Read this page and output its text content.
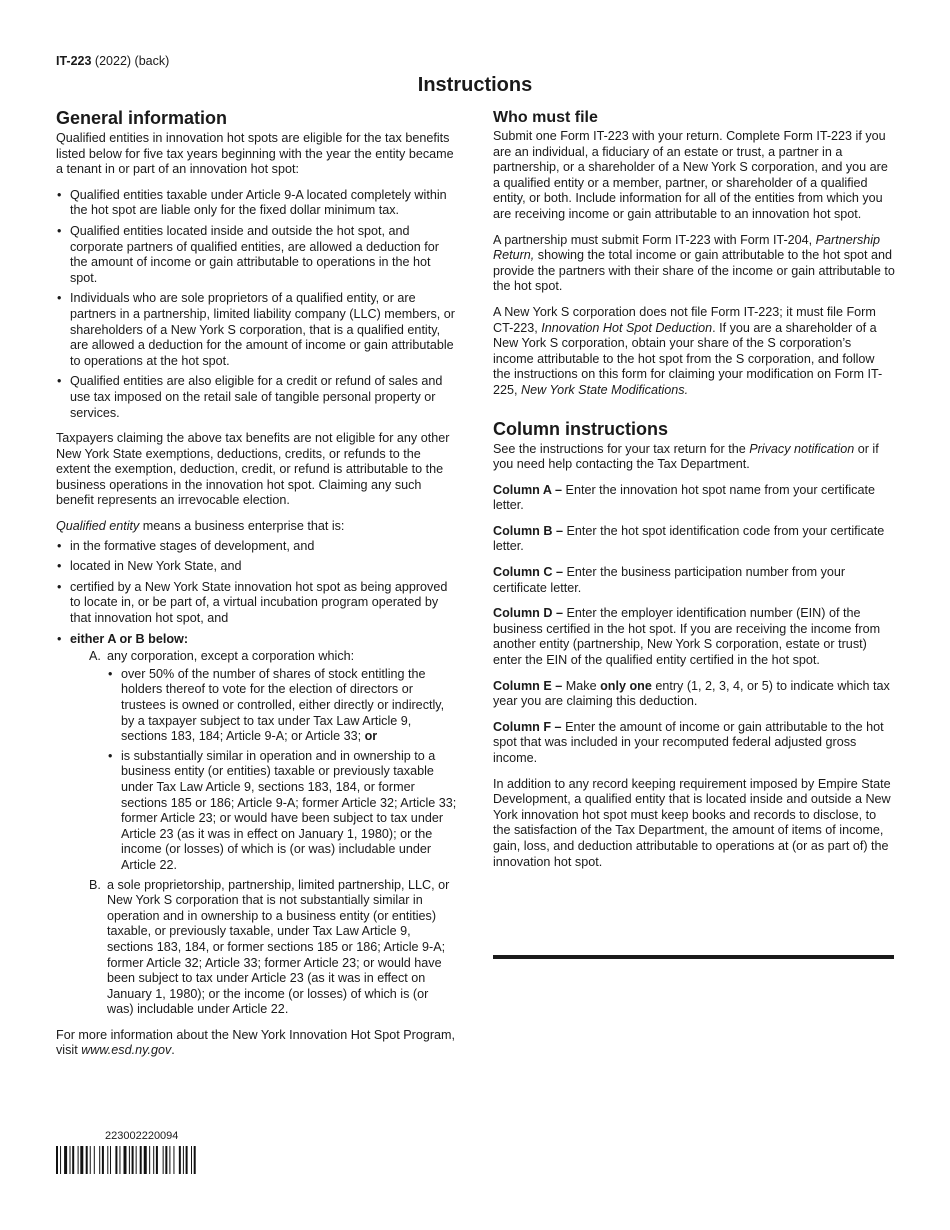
IT-223 (2022) (back)
Instructions
General information

Qualified entities in innovation hot spots are eligible for the tax benefits listed below for five tax years beginning with the year the entity became a tenant in or part of an innovation hot spot:

• Qualified entities taxable under Article 9-A located completely within the hot spot are liable only for the fixed dollar minimum tax.
• Qualified entities located inside and outside the hot spot, and corporate partners of qualified entities, are allowed a deduction for the amount of income or gain attributable to operations in the hot spot.
• Individuals who are sole proprietors of a qualified entity, or are partners in a partnership, limited liability company (LLC) members, or shareholders of a New York S corporation, that is a qualified entity, are allowed a deduction for the amount of income or gain attributable to operations at the hot spot.
• Qualified entities are also eligible for a credit or refund of sales and use tax imposed on the retail sale of tangible personal property or services.

Taxpayers claiming the above tax benefits are not eligible for any other New York State exemptions, deductions, credits, or refunds to the extent the exemption, deduction, credit, or refund is attributable to the business operations in the innovation hot spot. Claiming any such benefit represents an irrevocable election.

Qualified entity means a business enterprise that is:

• in the formative stages of development, and
• located in New York State, and
• certified by a New York State innovation hot spot as being approved to locate in, or be part of, a virtual incubation program operated by that innovation hot spot, and
• either A or B below:
A. any corporation, except a corporation which:
• over 50% of the number of shares of stock entitling the holders thereof to vote for the election of directors or trustees is owned or controlled, either directly or indirectly, by a taxpayer subject to tax under Tax Law Article 9, sections 183, 184; Article 9-A; or Article 33; or
• is substantially similar in operation and in ownership to a business entity (or entities) taxable or previously taxable under Tax Law Article 9, sections 183, 184, or former sections 185 or 186; Article 9-A; former Article 32; Article 33; former Article 23; or would have been subject to tax under Article 23 (as it was in effect on January 1, 1980); or the income (or losses) of which is (or was) includable under Article 22.
B. a sole proprietorship, partnership, limited partnership, LLC, or New York S corporation that is not substantially similar in operation and in ownership to a business entity (or entities) taxable, or previously taxable, under Tax Law Article 9, sections 183, 184, or former sections 185 or 186; Article 9-A; former Article 32; Article 33; former Article 23; or would have been subject to tax under Article 23 (as it was in effect on January 1, 1980); or the income (or losses) of which is (or was) includable under Article 22.

For more information about the New York Innovation Hot Spot Program, visit www.esd.ny.gov.

Who must file

Submit one Form IT-223 with your return. Complete Form IT-223 if you are an individual, a fiduciary of an estate or trust, a partner in a partnership, or a shareholder of a New York S corporation, and you are a qualified entity or a member, partner, or shareholder of a qualified entity, or both. Include information for all of the entities from which you are receiving income or gain attributable to an innovation hot spot.

A partnership must submit Form IT-223 with Form IT-204, Partnership Return, showing the total income or gain attributable to the hot spot and provide the partners with their share of the income or gain attributable to the hot spot.

A New York S corporation does not file Form IT-223; it must file Form CT-223, Innovation Hot Spot Deduction. If you are a shareholder of a New York S corporation, obtain your share of the S corporation’s income attributable to the hot spot from the S corporation, and follow the instructions on this form for claiming your modification on Form IT-225, New York State Modifications.

Column instructions

See the instructions for your tax return for the Privacy notification or if you need help contacting the Tax Department.

Column A – Enter the innovation hot spot name from your certificate letter.

Column B – Enter the hot spot identification code from your certificate letter.

Column C – Enter the business participation number from your certificate letter.

Column D – Enter the employer identification number (EIN) of the business certified in the hot spot. If you are receiving the income from another entity (partnership, New York S corporation, estate or trust) enter the EIN of the qualified entity certified in the hot spot.

Column E – Make only one entry (1, 2, 3, 4, or 5) to indicate which tax year you are claiming this deduction.

Column F – Enter the amount of income or gain attributable to the hot spot that was included in your recomputed federal adjusted gross income.

In addition to any record keeping requirement imposed by Empire State Development, a qualified entity that is located inside and outside a New York innovation hot spot must keep books and records to disclose, to the satisfaction of the Tax Department, the amount of items of income, gain, loss, and deduction attributable to operations at (or as part of) the innovation hot spot.

223002220094
